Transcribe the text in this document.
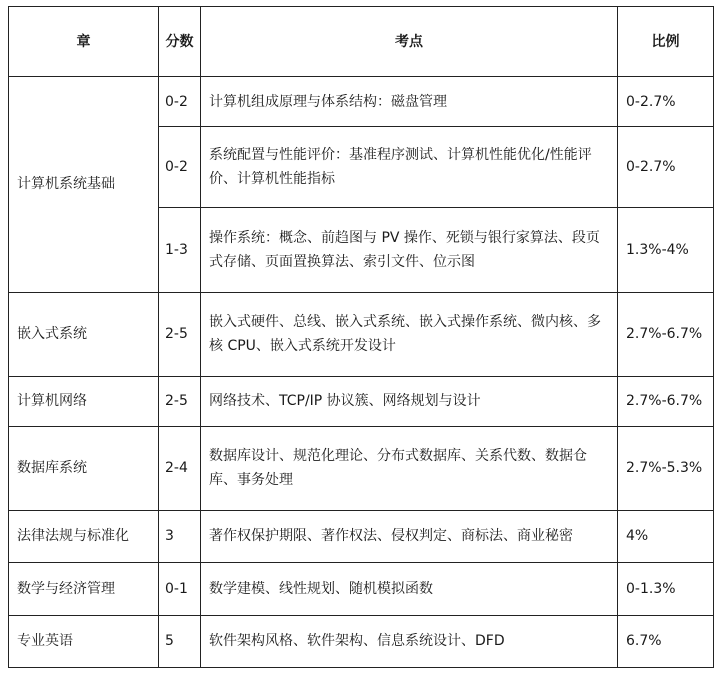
章	分数	考点	比例
计算机系统基础	0-2	计算机组成原理与体系结构：磁盘管理	0-2.7%
	0-2	系统配置与性能评价：基准程序测试、计算机性能优化/性能评价、计算机性能指标	0-2.7%
	1-3	操作系统：概念、前趋图与 PV 操作、死锁与银行家算法、段页式存储、页面置换算法、索引文件、位示图	1.3%-4%
嵌入式系统	2-5	嵌入式硬件、总线、嵌入式系统、嵌入式操作系统、微内核、多核 CPU、嵌入式系统开发设计	2.7%-6.7%
计算机网络	2-5	网络技术、TCP/IP 协议簇、网络规划与设计	2.7%-6.7%
数据库系统	2-4	数据库设计、规范化理论、分布式数据库、关系代数、数据仓库、事务处理	2.7%-5.3%
法律法规与标准化	3	著作权保护期限、著作权法、侵权判定、商标法、商业秘密	4%
数学与经济管理	0-1	数学建模、线性规划、随机模拟函数	0-1.3%
专业英语	5	软件架构风格、软件架构、信息系统设计、DFD	6.7%
